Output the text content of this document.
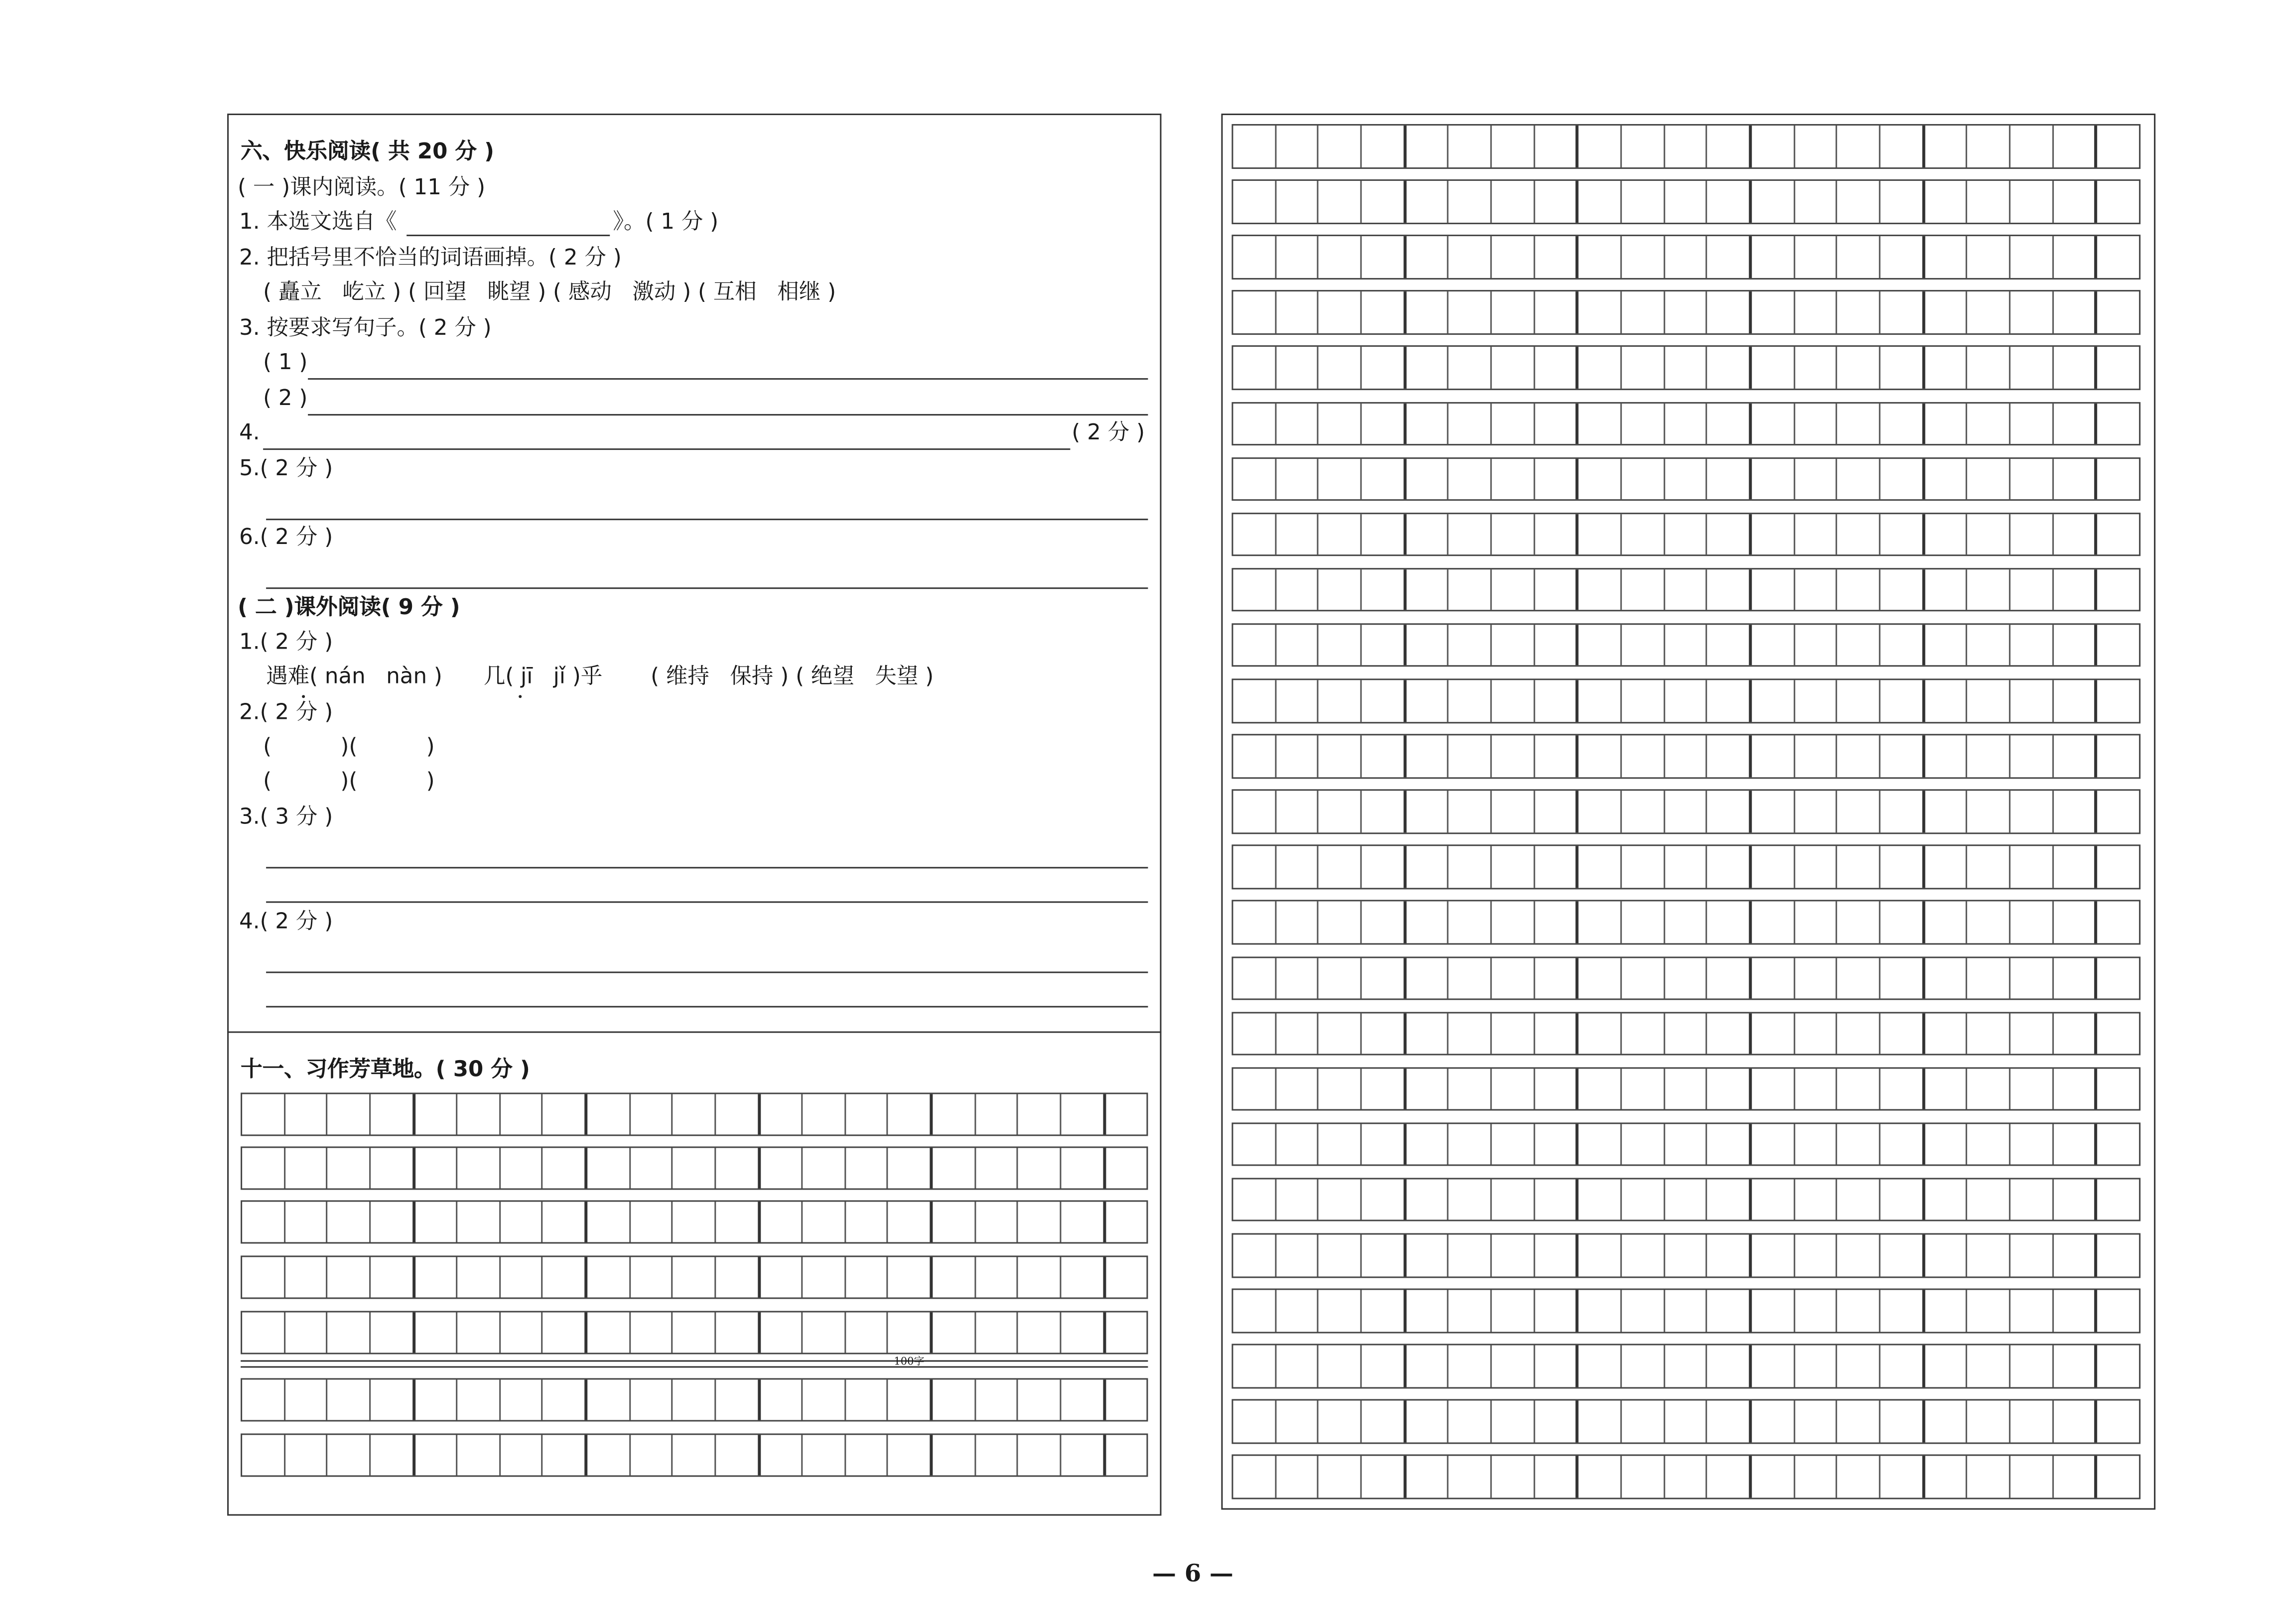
六、快乐阅读( 共 20 分 )
( 一 )课内阅读。( 11 分 )
1. 本选文选自《	》。( 1 分 )
2. 把括号里不恰当的词语画掉。( 2 分 )
( 矗立   屹立 ) ( 回望   眺望 ) ( 感动   激动 ) ( 互相   相继 )
3. 按要求写句子。( 2 分 )
( 1 )
( 2 )
4.	( 2 分 )
5.( 2 分 )
6.( 2 分 )
( 二 )课外阅读( 9 分 )
1.( 2 分 )
遇难( nán   nàn )      几( jī   jǐ )乎       ( 维持   保持 ) ( 绝望   失望 )
2.( 2 分 )
(          )(          )
(          )(          )
3.( 3 分 )
4.( 2 分 )
十一、习作芳草地。( 30 分 )
100字
— 6 —
